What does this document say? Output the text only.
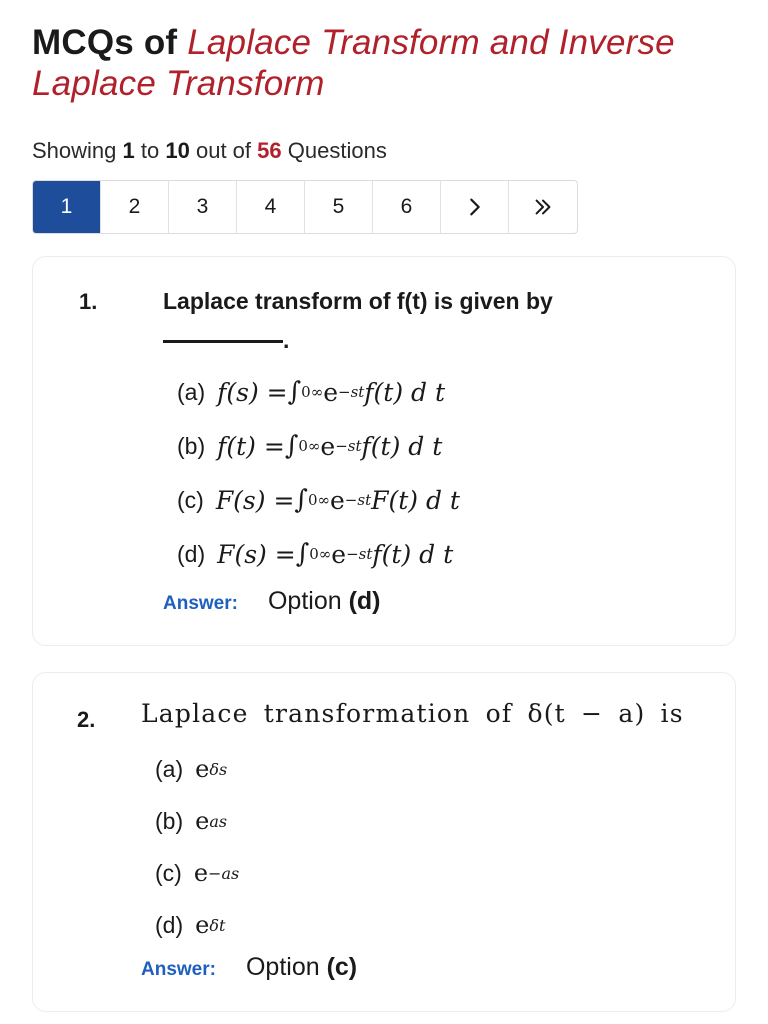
MCQs of Laplace Transform and Inverse Laplace Transform
Showing 1 to 10 out of 56 Questions
1	2	3	4	5	6
1.	Laplace transform of f(t) is given by
.
(a) f(s) = ∫ 0 ∞ e −st f(t) d t
(b) f(t) = ∫ 0 ∞ e −st f(t) d t
(c) F(s) = ∫ 0 ∞ e −st F(t) d t
(d) F(s) = ∫ 0 ∞ e −st f(t) d t
Answer: Option (d)
2. Laplace transformation of δ(t − a) is
(a) e δs
(b) e as
(c) e −as
(d) e δt
Answer: Option (c)
